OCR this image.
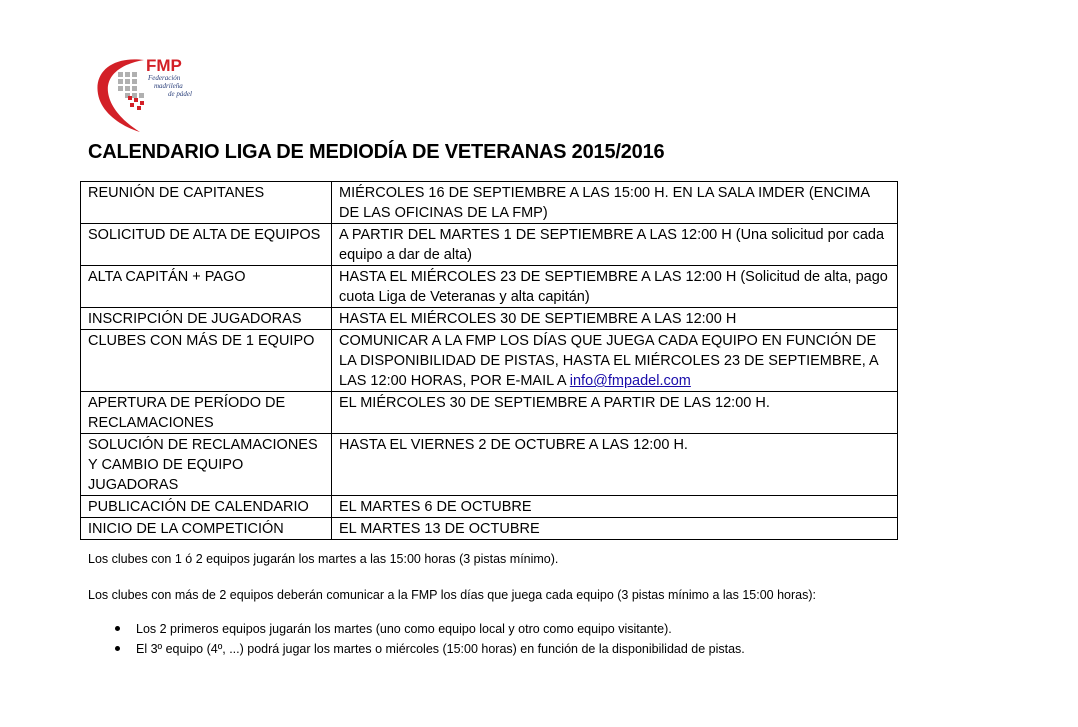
FMP
Federación
madrileña
de pádel
CALENDARIO LIGA DE MEDIODÍA DE VETERANAS 2015/2016
REUNIÓN DE CAPITANES	MIÉRCOLES 16 DE SEPTIEMBRE A LAS 15:00 H. EN LA SALA IMDER (ENCIMA DE LAS OFICINAS DE LA FMP)
SOLICITUD DE ALTA DE EQUIPOS	A PARTIR DEL MARTES 1 DE SEPTIEMBRE A LAS 12:00 H (Una solicitud por cada equipo a dar de alta)
ALTA CAPITÁN + PAGO	HASTA EL MIÉRCOLES 23 DE SEPTIEMBRE A LAS 12:00 H (Solicitud de alta, pago cuota Liga de Veteranas y alta capitán)
INSCRIPCIÓN DE JUGADORAS	HASTA EL MIÉRCOLES 30 DE SEPTIEMBRE A LAS 12:00 H
CLUBES CON MÁS DE 1 EQUIPO	COMUNICAR A LA FMP LOS DÍAS QUE JUEGA CADA EQUIPO EN FUNCIÓN DE LA DISPONIBILIDAD DE PISTAS, HASTA EL MIÉRCOLES 23 DE SEPTIEMBRE, A LAS 12:00 HORAS, POR E-MAIL A info@fmpadel.com
APERTURA DE PERÍODO DE RECLAMACIONES	EL MIÉRCOLES 30 DE SEPTIEMBRE A PARTIR DE LAS 12:00 H.
SOLUCIÓN DE RECLAMACIONES Y CAMBIO DE EQUIPO JUGADORAS	HASTA EL VIERNES 2 DE OCTUBRE A LAS 12:00 H.
PUBLICACIÓN DE CALENDARIO	EL MARTES 6 DE OCTUBRE
INICIO DE LA COMPETICIÓN	EL MARTES 13 DE OCTUBRE
Los clubes con 1 ó 2 equipos jugarán los martes a las 15:00 horas (3 pistas mínimo).
Los clubes con más de 2 equipos deberán comunicar a la FMP los días que juega cada equipo (3 pistas mínimo a las 15:00 horas):
Los 2 primeros equipos jugarán los martes (uno como equipo local y otro como equipo visitante).
El 3º equipo (4º, ...) podrá jugar los martes o miércoles (15:00 horas) en función de la disponibilidad de pistas.
